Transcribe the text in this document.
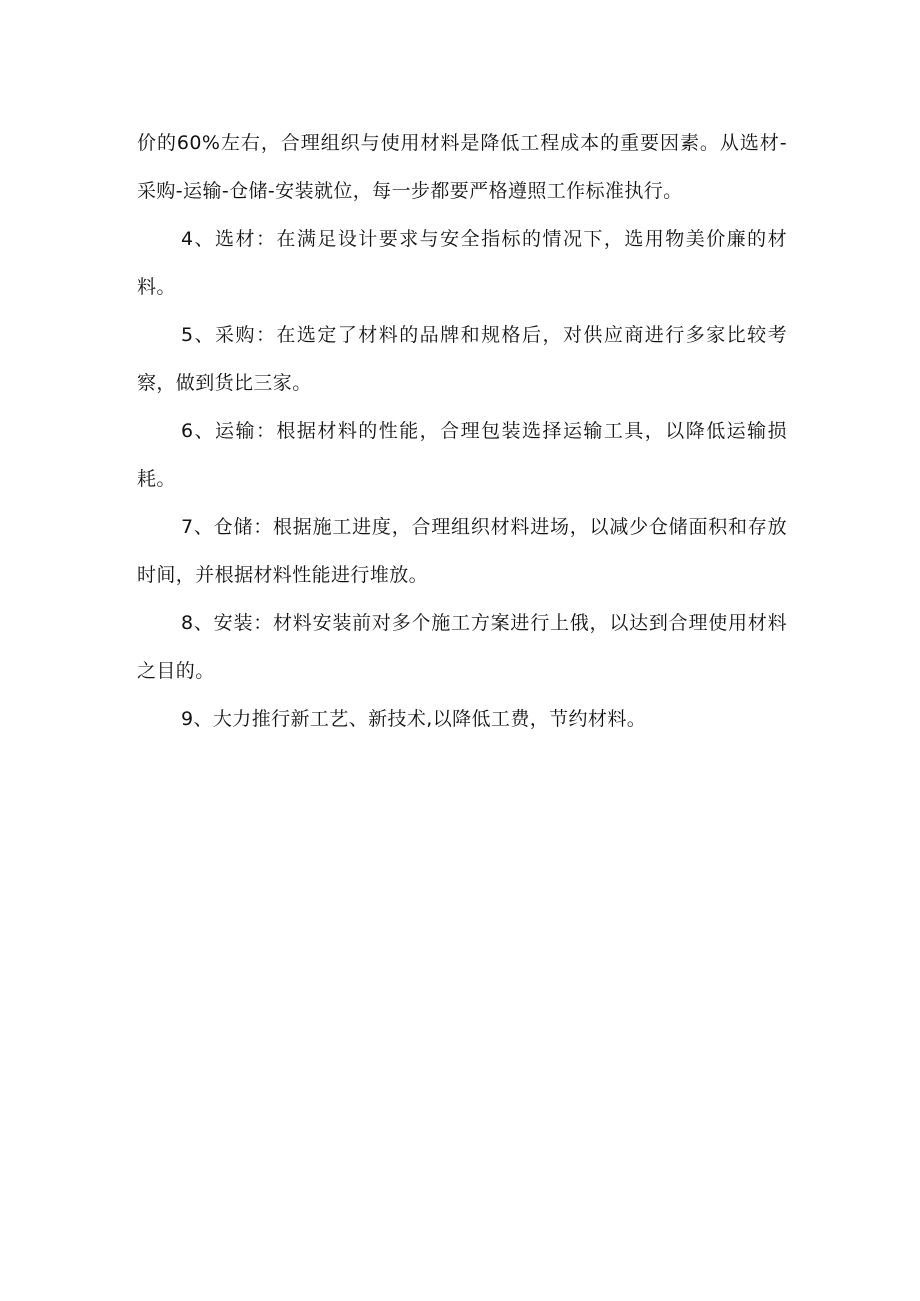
价的60%左右，合理组织与使用材料是降低工程成本的重要因素。从选材-采购-运输-仓储-安装就位，每一步都要严格遵照工作标准执行。

4、选材：在满足设计要求与安全指标的情况下，选用物美价廉的材料。

5、采购：在选定了材料的品牌和规格后，对供应商进行多家比较考察，做到货比三家。

6、运输：根据材料的性能，合理包装选择运输工具，以降低运输损耗。

7、仓储：根据施工进度，合理组织材料进场，以减少仓储面积和存放时间，并根据材料性能进行堆放。

8、安装：材料安装前对多个施工方案进行上俄，以达到合理使用材料之目的。

9、大力推行新工艺、新技术,以降低工费，节约材料。
